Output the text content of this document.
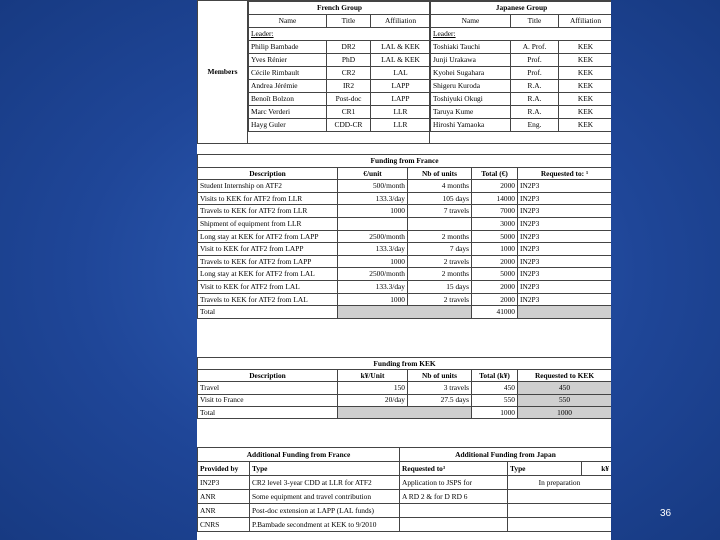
Members	
French Group
Name	Title	Affiliation
Leader:
Philip Bambade	DR2	LAL & KEK
Yves Rénier	PhD	LAL & KEK
Cécile Rimbault	CR2	LAL
Andrea Jérémie	IR2	LAPP
Benoît Bolzon	Post-doc	LAPP
Marc Verderi	CR1	LLR
Hayg Guler	CDD-CR	LLR

Japanese Group
Name	Title	Affiliation
Leader:
Toshiaki Tauchi	A. Prof.	KEK
Junji Urakawa	Prof.	KEK
Kyohei Sugahara	Prof.	KEK
Shigeru Kuroda	R.A.	KEK
Toshiyuki Okugi	R.A.	KEK
Taruya Kume	R.A.	KEK
Hiroshi Yamaoka	Eng.	KEK
Funding from France				
Description	€/unit	Nb of units	Total (€)	Requested to: ¹
Student Internship on ATF2	500/month	4 months	2000	IN2P3
Visits to KEK for ATF2 from LLR	133.3/day	105 days	14000	IN2P3
Travels to KEK for ATF2 from LLR	1000	7 travels	7000	IN2P3
Shipment of equipment from LLR			3000	IN2P3
Long stay at KEK for ATF2 from LAPP	2500/month	2 months	5000	IN2P3
Visit to KEK for ATF2 from LAPP	133.3/day	7 days	1000	IN2P3
Travels to KEK for ATF2 from LAPP	1000	2 travels	2000	IN2P3
Long stay at KEK for ATF2 from LAL	2500/month	2 months	5000	IN2P3
Visit to KEK for ATF2 from LAL	133.3/day	15 days	2000	IN2P3
Travels to KEK for ATF2 from LAL	1000	2 travels	2000	IN2P3
Total			41000	
Funding from KEK				
Description	k¥/Unit	Nb of units	Total (k¥)	Requested to KEK
Travel	150	3 travels	450	450
Visit to France	20/day	27.5 days	550	550
Total			1000	1000
Additional Funding from France		Additional Funding from Japan		
Provided by	Type	Requested to³	Type	k¥
IN2P3	CR2 level 3-year CDD at LLR for ATF2	Application to JSPS for	In preparation	
ANR	Some equipment and travel contribution	A RD 2 & for D RD 6		
ANR	Post-doc extension at LAPP (LAL funds)			
CNRS	P.Bambade secondment at KEK to 9/2010			
36
